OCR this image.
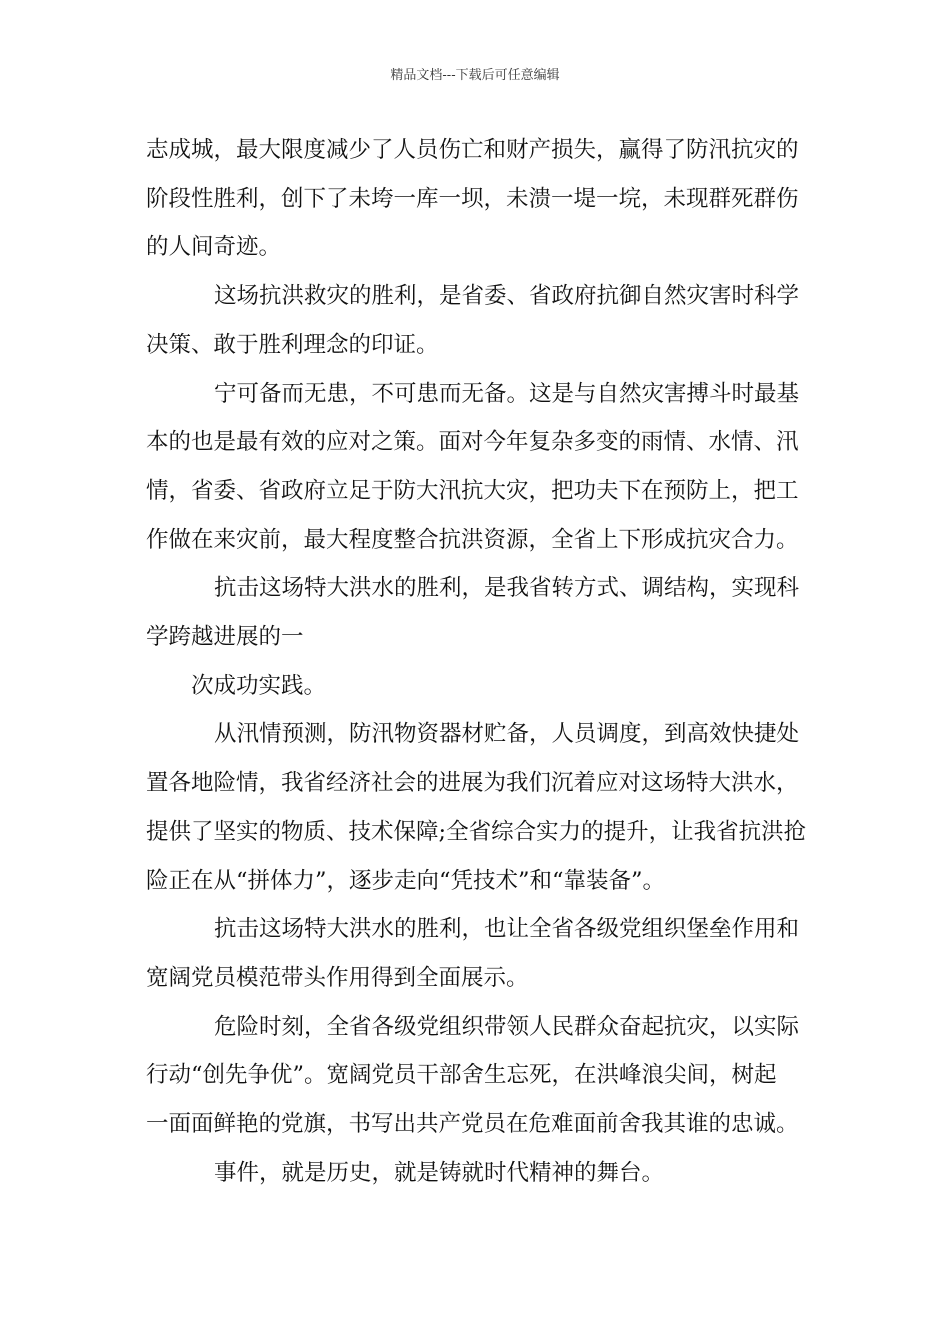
精品文档---下载后可任意编辑

志成城，最大限度减少了人员伤亡和财产损失，赢得了防汛抗灾的

阶段性胜利，创下了未垮一库一坝，未溃一堤一垸，未现群死群伤

的人间奇迹。

这场抗洪救灾的胜利，是省委、省政府抗御自然灾害时科学

决策、敢于胜利理念的印证。

宁可备而无患，不可患而无备。这是与自然灾害搏斗时最基

本的也是最有效的应对之策。面对今年复杂多变的雨情、水情、汛

情，省委、省政府立足于防大汛抗大灾，把功夫下在预防上，把工

作做在来灾前，最大程度整合抗洪资源，全省上下形成抗灾合力。

抗击这场特大洪水的胜利，是我省转方式、调结构，实现科

学跨越进展的一

次成功实践。

从汛情预测，防汛物资器材贮备，人员调度，到高效快捷处

置各地险情，我省经济社会的进展为我们沉着应对这场特大洪水，

提供了坚实的物质、技术保障;全省综合实力的提升，让我省抗洪抢

险正在从“拼体力”，逐步走向“凭技术”和“靠装备”。

抗击这场特大洪水的胜利，也让全省各级党组织堡垒作用和

宽阔党员模范带头作用得到全面展示。

危险时刻，全省各级党组织带领人民群众奋起抗灾，以实际

行动“创先争优”。宽阔党员干部舍生忘死，在洪峰浪尖间，树起

一面面鲜艳的党旗，书写出共产党员在危难面前舍我其谁的忠诚。

事件，就是历史，就是铸就时代精神的舞台。
